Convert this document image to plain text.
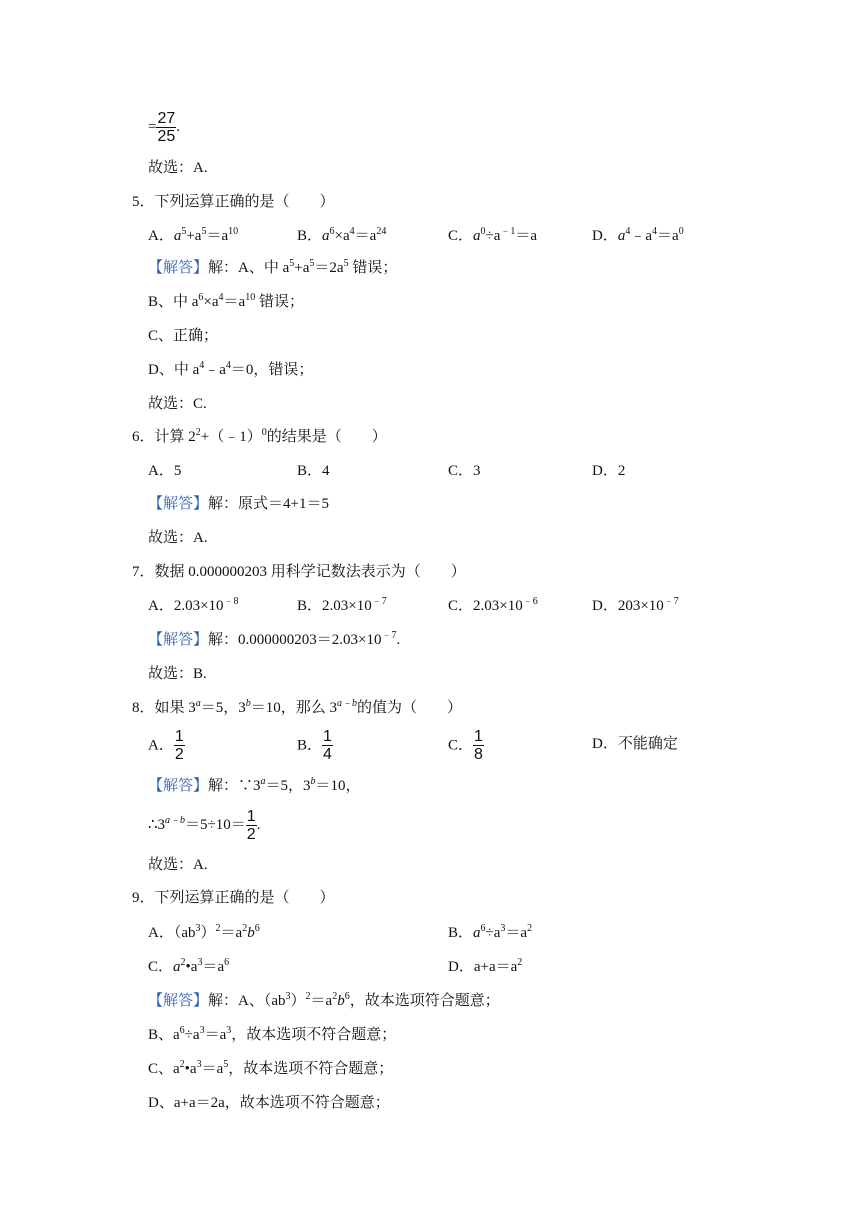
= $\frac{27}{25}$ .
故选：A.
5．下列运算正确的是（　　）
A．$a^5+a^5=a^{10}$	B．$a^6\times a^4=a^{24}$	C．$a^0\div a^{﹣1}=a$	D．$a^4﹣a^4=a^0$
【解答】解：A、中 $a^5+a^5=2a^5$ 错误；
B、中 $a^6\times a^4=a^{10}$ 错误；
C、正确；
D、中 $a^4﹣a^4=0$，错误；
故选：C.
6．计算 $2^2+(﹣1)^0$的结果是（　　）
A．5	B．4	C．3	D．2
【解答】解：原式＝4+1＝5
故选：A.
7．数据 0.000000203 用科学记数法表示为（　　）
A．$2.03\times 10^{﹣8}$	B．$2.03\times 10^{﹣7}$	C．$2.03\times 10^{﹣6}$	D．$203\times 10^{﹣7}$
【解答】解：$0.000000203=2.03\times 10^{﹣7}$.
故选：B.
8．如果 $3^a=5$，$3^b=10$，那么 $3^{a﹣b}$的值为（　　）
A． $\frac{1}{2}$	B． $\frac{1}{4}$	C． $\frac{1}{8}$	D．不能确定
【解答】解：$\because 3^a=5$，$3^b=10$，
$\therefore 3^{a﹣b}=5\div 10= \frac{1}{2}$ .
故选：A.
9．下列运算正确的是（　　）
A．$(ab^3)^2=a^2b^6$	B．$a^6\div a^3=a^2$
C．$a^2•a^3=a^6$	D．$a+a=a^2$
【解答】解：A、$(ab^3)^2=a^2b^6$，故本选项符合题意；
B、$a^6\div a^3=a^3$，故本选项不符合题意；
C、$a^2•a^3=a^5$，故本选项不符合题意；
D、a+a＝2a，故本选项不符合题意；
